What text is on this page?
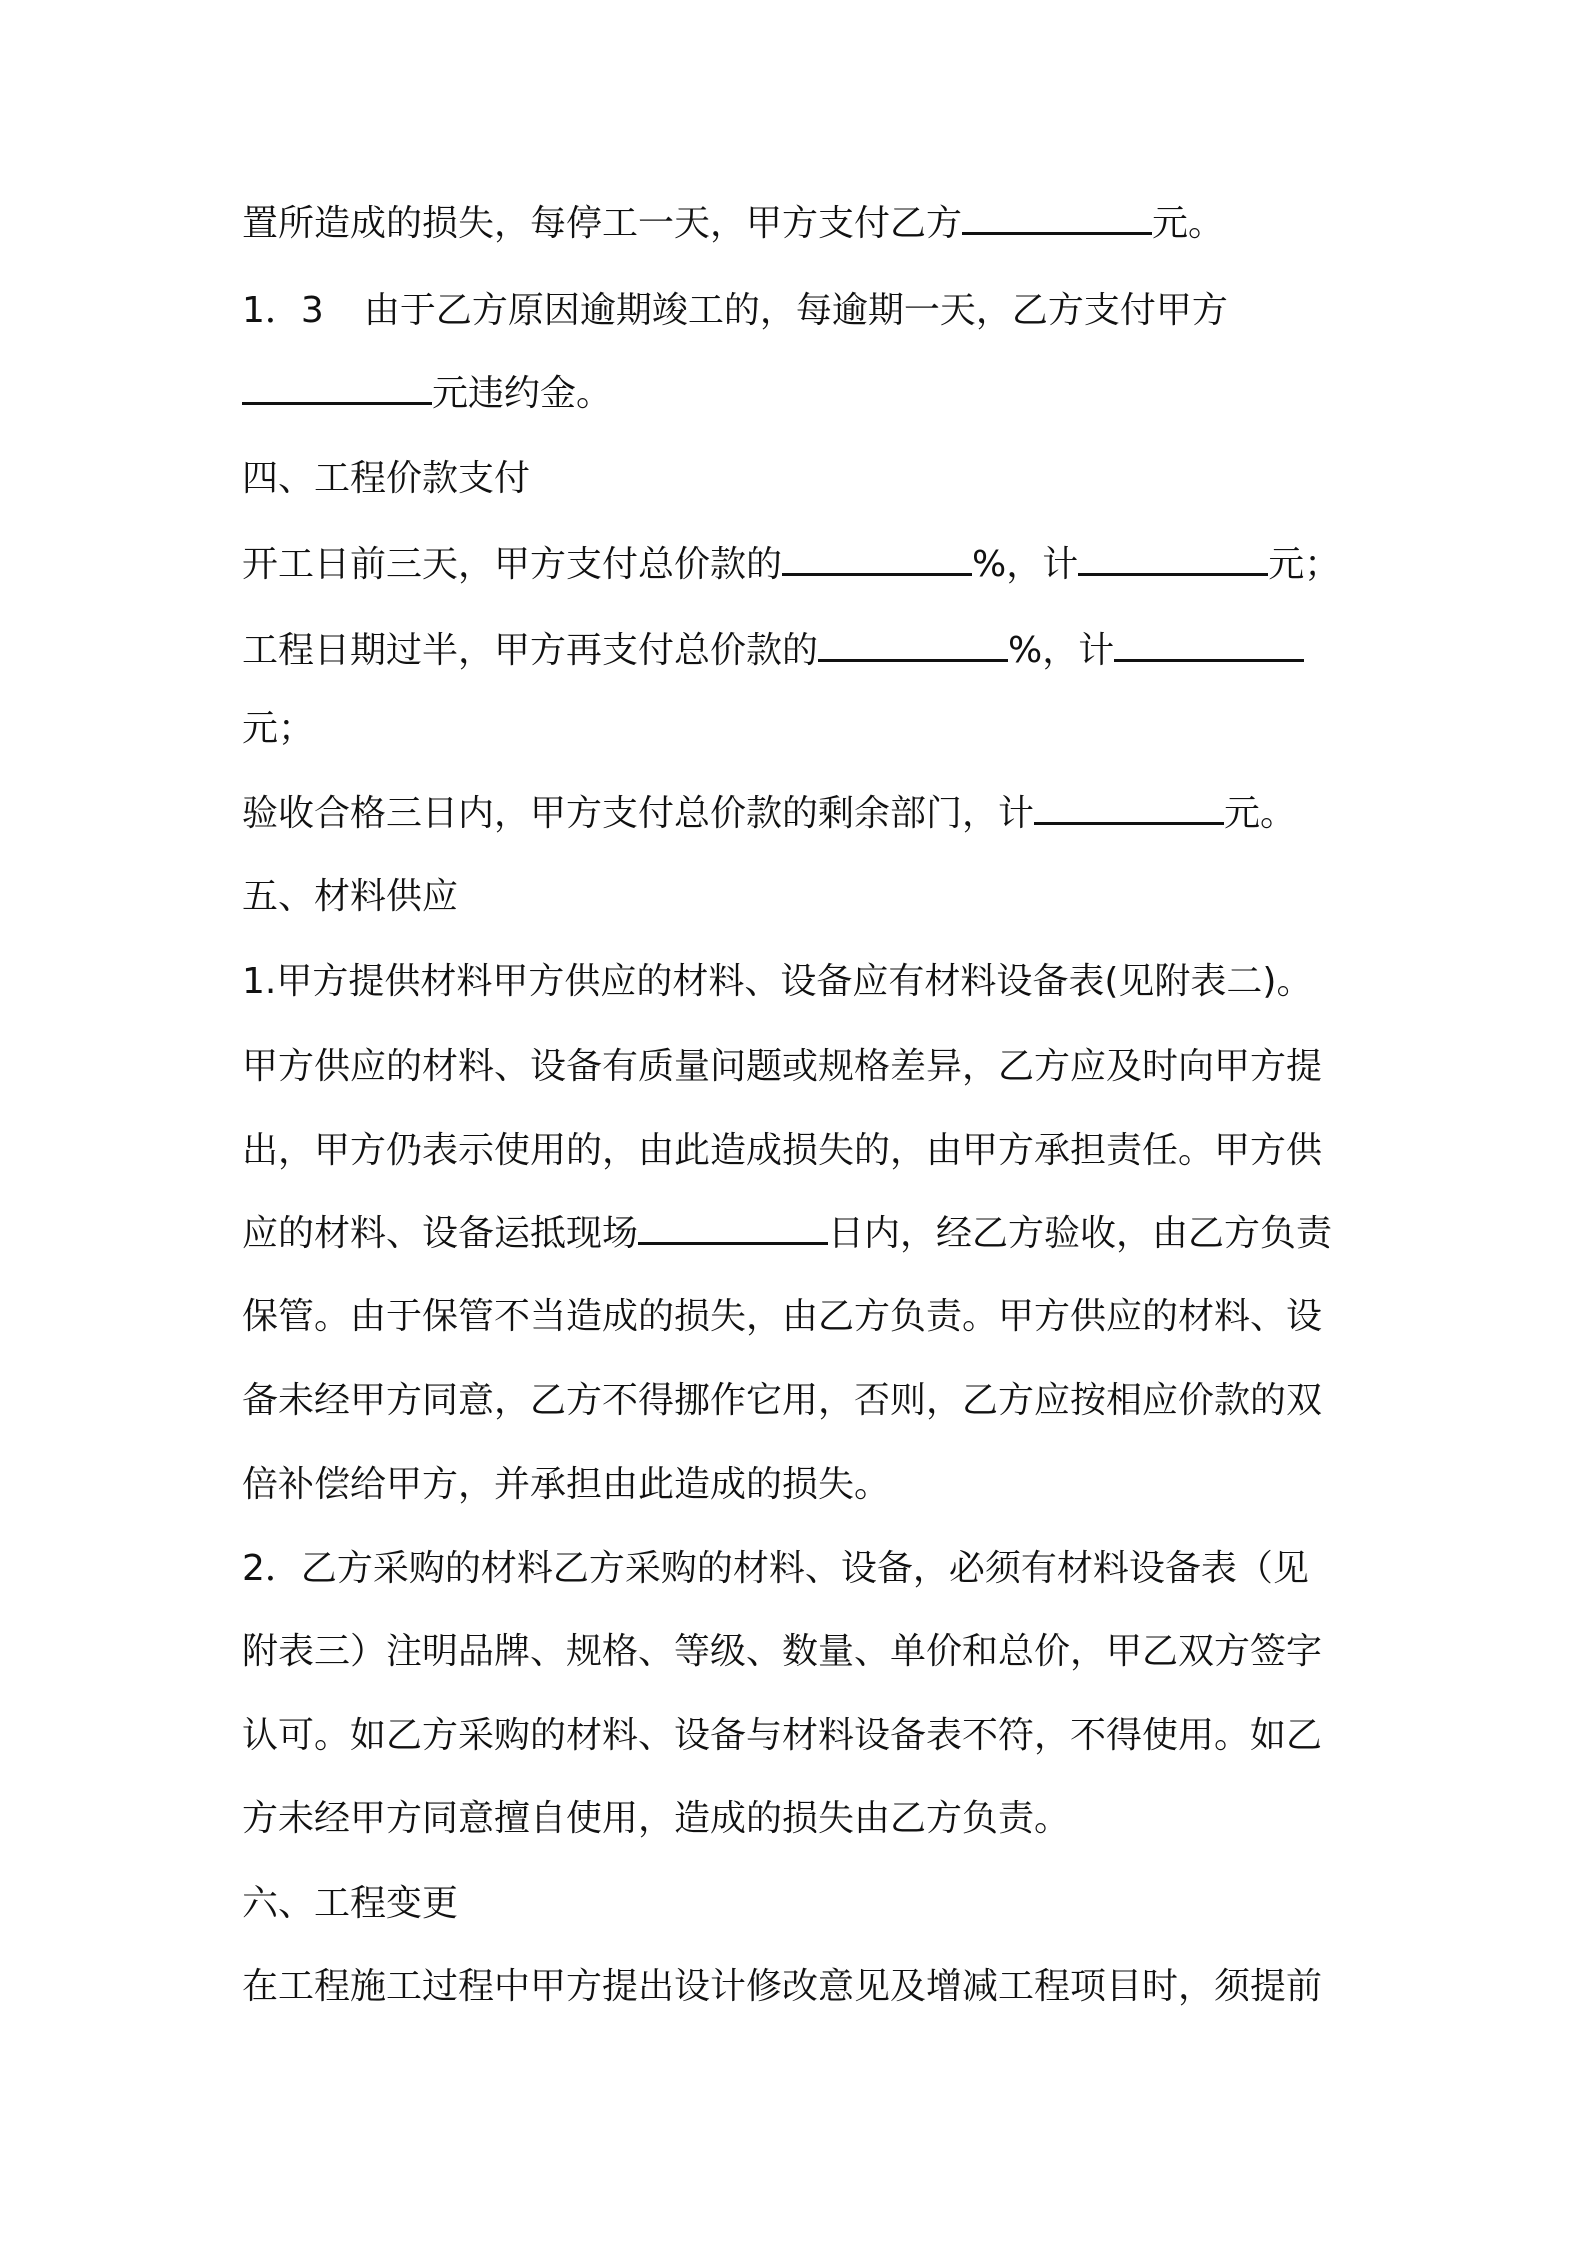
置所造成的损失，每停工一天，甲方支付乙方	元。
1．3 由于乙方原因逾期竣工的，每逾期一天，乙方支付甲方
元违约金。
四、工程价款支付
开工日前三天，甲方支付总价款的	%，计	元；
工程日期过半，甲方再支付总价款的	%，计
元；
验收合格三日内，甲方支付总价款的剩余部门，计	元。
五、材料供应
1.甲方提供材料甲方供应的材料、设备应有材料设备表(见附表二)。
甲方供应的材料、设备有质量问题或规格差异，乙方应及时向甲方提
出，甲方仍表示使用的，由此造成损失的，由甲方承担责任。甲方供
应的材料、设备运抵现场	日内，经乙方验收，由乙方负责
保管。由于保管不当造成的损失，由乙方负责。甲方供应的材料、设
备未经甲方同意，乙方不得挪作它用，否则，乙方应按相应价款的双
倍补偿给甲方，并承担由此造成的损失。
2．乙方采购的材料乙方采购的材料、设备，必须有材料设备表（见
附表三）注明品牌、规格、等级、数量、单价和总价，甲乙双方签字
认可。如乙方采购的材料、设备与材料设备表不符，不得使用。如乙
方未经甲方同意擅自使用，造成的损失由乙方负责。
六、工程变更
在工程施工过程中甲方提出设计修改意见及增减工程项目时，须提前
